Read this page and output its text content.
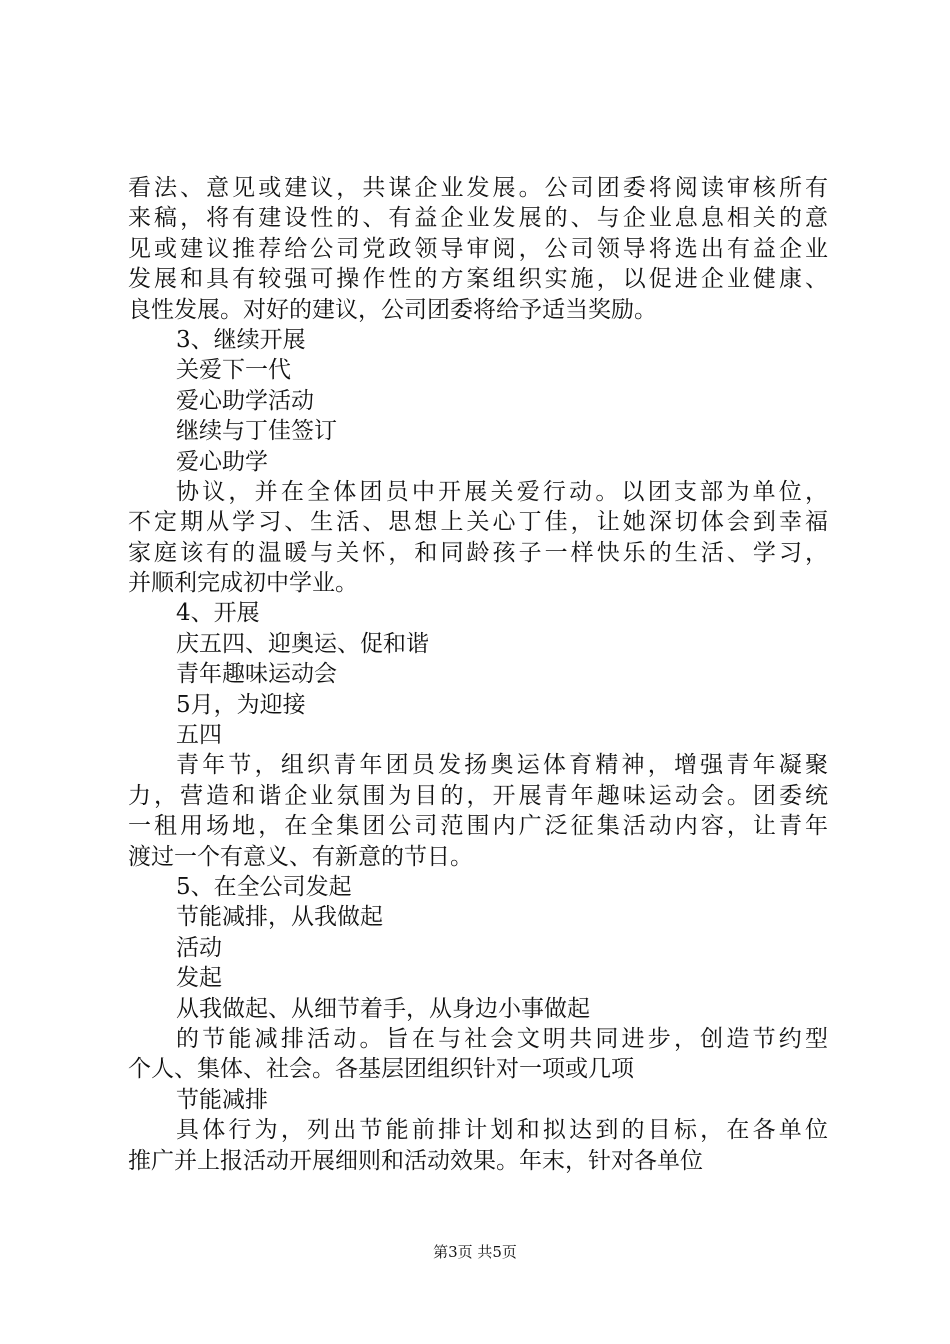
看法、意见或建议，共谋企业发展。公司团委将阅读审核所有
来稿，将有建设性的、有益企业发展的、与企业息息相关的意
见或建议推荐给公司党政领导审阅，公司领导将选出有益企业
发展和具有较强可操作性的方案组织实施，以促进企业健康、
良性发展。对好的建议，公司团委将给予适当奖励。
3、继续开展
关爱下一代
爱心助学活动
继续与丁佳签订
爱心助学
协议，并在全体团员中开展关爱行动。以团支部为单位，
不定期从学习、生活、思想上关心丁佳，让她深切体会到幸福
家庭该有的温暖与关怀，和同龄孩子一样快乐的生活、学习，
并顺利完成初中学业。
4、开展
庆五四、迎奥运、促和谐
青年趣味运动会
5月，为迎接
五四
青年节，组织青年团员发扬奥运体育精神，增强青年凝聚
力，营造和谐企业氛围为目的，开展青年趣味运动会。团委统
一租用场地，在全集团公司范围内广泛征集活动内容，让青年
渡过一个有意义、有新意的节日。
5、在全公司发起
节能减排，从我做起
活动
发起
从我做起、从细节着手，从身边小事做起
的节能减排活动。旨在与社会文明共同进步，创造节约型
个人、集体、社会。各基层团组织针对一项或几项
节能减排
具体行为，列出节能前排计划和拟达到的目标，在各单位
推广并上报活动开展细则和活动效果。年末，针对各单位
第3页 共5页
